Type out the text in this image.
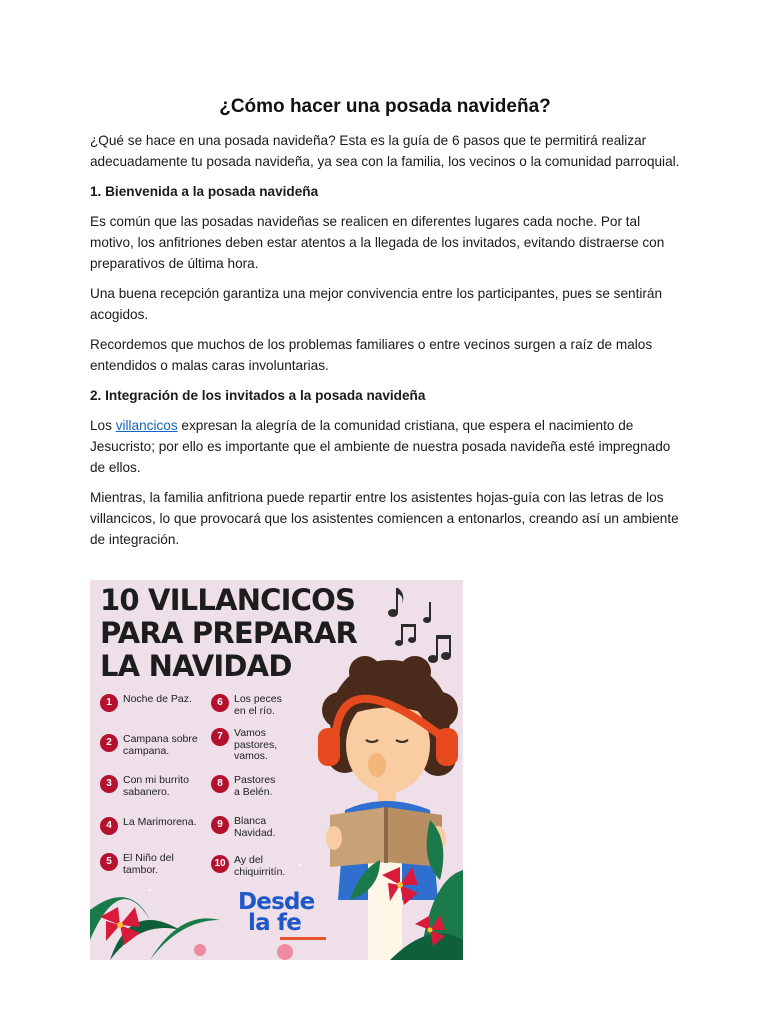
¿Cómo hacer una posada navideña?

¿Qué se hace en una posada navideña? Esta es la guía de 6 pasos que te permitirá realizar adecuadamente tu posada navideña, ya sea con la familia, los vecinos o la comunidad parroquial.

1. Bienvenida a la posada navideña

Es común que las posadas navideñas se realicen en diferentes lugares cada noche. Por tal motivo, los anfitriones deben estar atentos a la llegada de los invitados, evitando distraerse con preparativos de última hora.

Una buena recepción garantiza una mejor convivencia entre los participantes, pues se sentirán acogidos.

Recordemos que muchos de los problemas familiares o entre vecinos surgen a raíz de malos entendidos o malas caras involuntarias.

2. Integración de los invitados a la posada navideña

Los villancicos expresan la alegría de la comunidad cristiana, que espera el nacimiento de Jesucristo; por ello es importante que el ambiente de nuestra posada navideña esté impregnado de ellos.

Mientras, la familia anfitriona puede repartir entre los asistentes hojas-guía con las letras de los villancicos, lo que provocará que los asistentes comiencen a entonarlos, creando así un ambiente de integración.

10 VILLANCICOS
PARA PREPARAR
LA NAVIDAD
1	Noche de Paz.
2	Campana sobre campana.
3	Con mi burrito sabanero.
4	La Marimorena.
5	El Niño del tambor.
6	Los peces en el río.
7	Vamos pastores, vamos.
8	Pastores a Belén.
9	Blanca Navidad.
10 Ay del chiquirritín.
Desde
la fe
